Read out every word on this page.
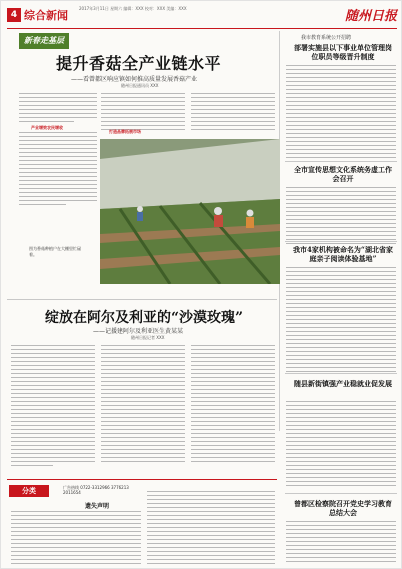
4 综合新闻
2017年3月11日 星期六 编辑：XXX 校对：XXX 美编：XXX
随州日报
新春走基层
提升香菇全产业链水平
——看曾都区响应镇如何推高质量发展香菇产业
随州日报通讯员 XXX
产业增效农民增收
打造品牌拓展市场
图为香菇种植户在大棚里忙碌着。
我市教育系统公开招聘
部署实施县以下事业单位管理岗位职员等级晋升制度
全市宣传思想文化系统务虚工作会召开
我市4家机构被命名为“湖北省家庭亲子阅读体验基地”
随县新街镇强产业稳就业促发展
曾都区检察院召开党史学习教育总结大会
绽放在阿尔及利亚的“沙漠玫瑰”
——记援建阿尔及利亚医生黄某某
随州日报记者 XXX
分类	广告热线 0722-3312966 3776213 2011654
遗失声明
